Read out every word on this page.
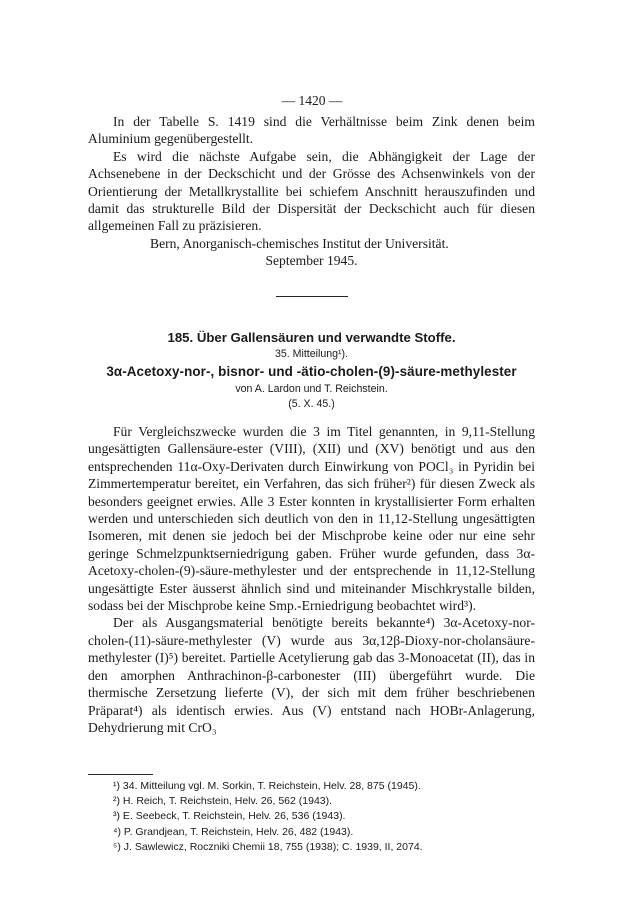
— 1420 —

In der Tabelle S. 1419 sind die Verhältnisse beim Zink denen beim Aluminium gegenübergestellt.

Es wird die nächste Aufgabe sein, die Abhängigkeit der Lage der Achsenebene in der Deckschicht und der Grösse des Achsenwinkels von der Orientierung der Metallkrystallite bei schiefem Anschnitt herauszufinden und damit das strukturelle Bild der Dispersität der Deckschicht auch für diesen allgemeinen Fall zu präzisieren.

Bern, Anorganisch-chemisches Institut der Universität.

September 1945.

185. Über Gallensäuren und verwandte Stoffe.
35. Mitteilung¹).
3α-Acetoxy-nor-, bisnor- und -ätio-cholen-(9)-säure-methylester
von A. Lardon und T. Reichstein.
(5. X. 45.)

Für Vergleichszwecke wurden die 3 im Titel genannten, in 9,11-Stellung ungesättigten Gallensäure-ester (VIII), (XII) und (XV) benötigt und aus den entsprechenden 11α-Oxy-Derivaten durch Einwirkung von POCl₃ in Pyridin bei Zimmertemperatur bereitet, ein Verfahren, das sich früher²) für diesen Zweck als besonders geeignet erwies. Alle 3 Ester konnten in krystallisierter Form erhalten werden und unterschieden sich deutlich von den in 11,12-Stellung ungesättigten Isomeren, mit denen sie jedoch bei der Mischprobe keine oder nur eine sehr geringe Schmelzpunktserniedrigung gaben. Früher wurde gefunden, dass 3α-Acetoxy-cholen-(9)-säure-methylester und der entsprechende in 11,12-Stellung ungesättigte Ester äusserst ähnlich sind und miteinander Mischkrystalle bilden, sodass bei der Mischprobe keine Smp.-Erniedrigung beobachtet wird³).

Der als Ausgangsmaterial benötigte bereits bekannte⁴) 3α-Acetoxy-nor-cholen-(11)-säure-methylester (V) wurde aus 3α,12β-Dioxy-nor-cholansäure-methylester (I)⁵) bereitet. Partielle Acetylierung gab das 3-Monoacetat (II), das in den amorphen Anthrachinon-β-carbonester (III) übergeführt wurde. Die thermische Zersetzung lieferte (V), der sich mit dem früher beschriebenen Präparat⁴) als identisch erwies. Aus (V) entstand nach HOBr-Anlagerung, Dehydrierung mit CrO₃

¹) 34. Mitteilung vgl. M. Sorkin, T. Reichstein, Helv. 28, 875 (1945).
²) H. Reich, T. Reichstein, Helv. 26, 562 (1943).
³) E. Seebeck, T. Reichstein, Helv. 26, 536 (1943).
⁴) P. Grandjean, T. Reichstein, Helv. 26, 482 (1943).
⁵) J. Sawlewicz, Roczniki Chemii 18, 755 (1938); C. 1939, II, 2074.
